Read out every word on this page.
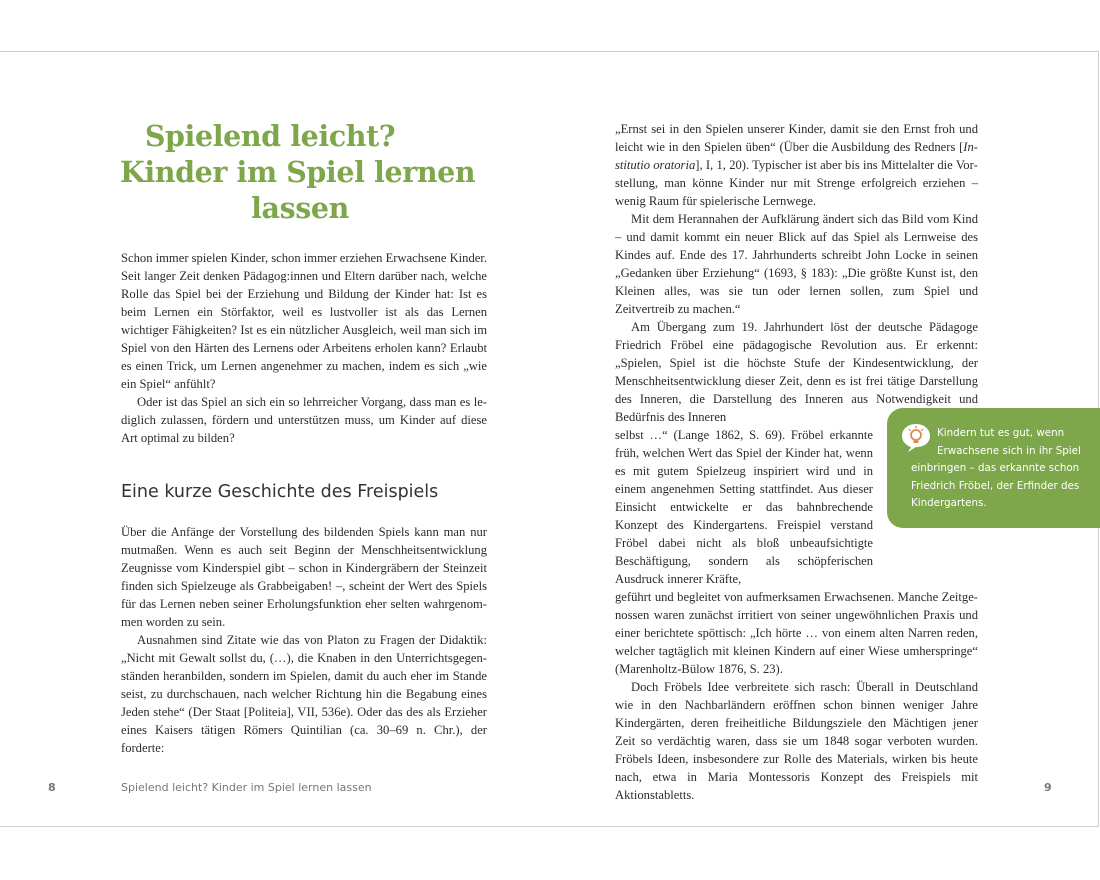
Spielend leicht?
Kinder im Spiel lernen
lassen

Schon immer spielen Kinder, schon immer erziehen Erwachsene Kinder. Seit langer Zeit denken Pädagog:innen und Eltern darüber nach, welche Rolle das Spiel bei der Erziehung und Bildung der Kinder hat: Ist es beim Lernen ein Störfaktor, weil es lustvoller ist als das Lernen wichtiger Fähigkeiten? Ist es ein nützlicher Ausgleich, weil man sich im Spiel von den Härten des Lernens oder Arbeitens erholen kann? Erlaubt es einen Trick, um Lernen angenehmer zu machen, indem es sich „wie ein Spiel“ anfühlt?

Oder ist das Spiel an sich ein so lehrreicher Vorgang, dass man es lediglich zulassen, fördern und unterstützen muss, um Kinder auf diese Art optimal zu bilden?

Eine kurze Geschichte des Freispiels

Über die Anfänge der Vorstellung des bildenden Spiels kann man nur mutmaßen. Wenn es auch seit Beginn der Menschheitsentwicklung Zeugnisse vom Kinderspiel gibt – schon in Kindergräbern der Steinzeit finden sich Spielzeuge als Grabbeigaben! –, scheint der Wert des Spiels für das Lernen neben seiner Erholungsfunktion eher selten wahrgenommen worden zu sein.

Ausnahmen sind Zitate wie das von Platon zu Fragen der Didaktik: „Nicht mit Gewalt sollst du, (…), die Knaben in den Unterrichtsgegenständen heranbilden, sondern im Spielen, damit du auch eher im Stande seist, zu durchschauen, nach welcher Richtung hin die Begabung eines Jeden stehe“ (Der Staat [Politeia], VII, 536e). Oder das des als Erzieher eines Kaisers tätigen Römers Quintilian (ca. 30–69 n. Chr.), der forderte:

„Ernst sei in den Spielen unserer Kinder, damit sie den Ernst froh und leicht wie in den Spielen üben“ (Über die Ausbildung des Redners [Institutio oratoria], I, 1, 20). Typischer ist aber bis ins Mittelalter die Vorstellung, man könne Kinder nur mit Strenge erfolgreich erziehen – wenig Raum für spielerische Lernwege.

Mit dem Herannahen der Aufklärung ändert sich das Bild vom Kind – und damit kommt ein neuer Blick auf das Spiel als Lernweise des Kindes auf. Ende des 17. Jahrhunderts schreibt John Locke in seinen „Gedanken über Erziehung“ (1693, § 183): „Die größte Kunst ist, den Kleinen alles, was sie tun oder lernen sollen, zum Spiel und Zeitvertreib zu machen.“

Am Übergang zum 19. Jahrhundert löst der deutsche Pädagoge Friedrich Fröbel eine pädagogische Revolution aus. Er erkennt: „Spielen, Spiel ist die höchste Stufe der Kindesentwicklung, der Menschheitsentwicklung dieser Zeit, denn es ist frei tätige Darstellung des Inneren, die Darstellung des Inneren aus Notwendigkeit und Bedürfnis des Inneren

selbst …“ (Lange 1862, S. 69). Fröbel erkannte früh, welchen Wert das Spiel der Kinder hat, wenn es mit gutem Spielzeug inspiriert wird und in einem angenehmen Setting stattfindet. Aus dieser Einsicht entwickelte er das bahnbrechende Konzept des Kindergartens. Freispiel verstand Fröbel dabei nicht als bloß unbeaufsichtigte Beschäftigung, sondern als schöpferischen Ausdruck innerer Kräfte,

geführt und begleitet von aufmerksamen Erwachsenen. Manche Zeitgenossen waren zunächst irritiert von seiner ungewöhnlichen Praxis und einer berichtete spöttisch: „Ich hörte … von einem alten Narren reden, welcher tagtäglich mit kleinen Kindern auf einer Wiese umherspringe“ (Marenholtz-Bülow 1876, S. 23).

Doch Fröbels Idee verbreitete sich rasch: Überall in Deutschland wie in den Nachbarländern eröffnen schon binnen weniger Jahre Kindergärten, deren freiheitliche Bildungsziele den Mächtigen jener Zeit so verdächtig waren, dass sie um 1848 sogar verboten wurden. Fröbels Ideen, insbesondere zur Rolle des Materials, wirken bis heute nach, etwa in Maria Montessoris Konzept des Freispiels mit Aktionstabletts.

Kindern tut es gut, wenn Erwachsene sich in ihr Spiel einbringen – das erkannte schon Friedrich Fröbel, der Erfinder des Kindergartens.
8	Spielend leicht? Kinder im Spiel lernen lassen	9
